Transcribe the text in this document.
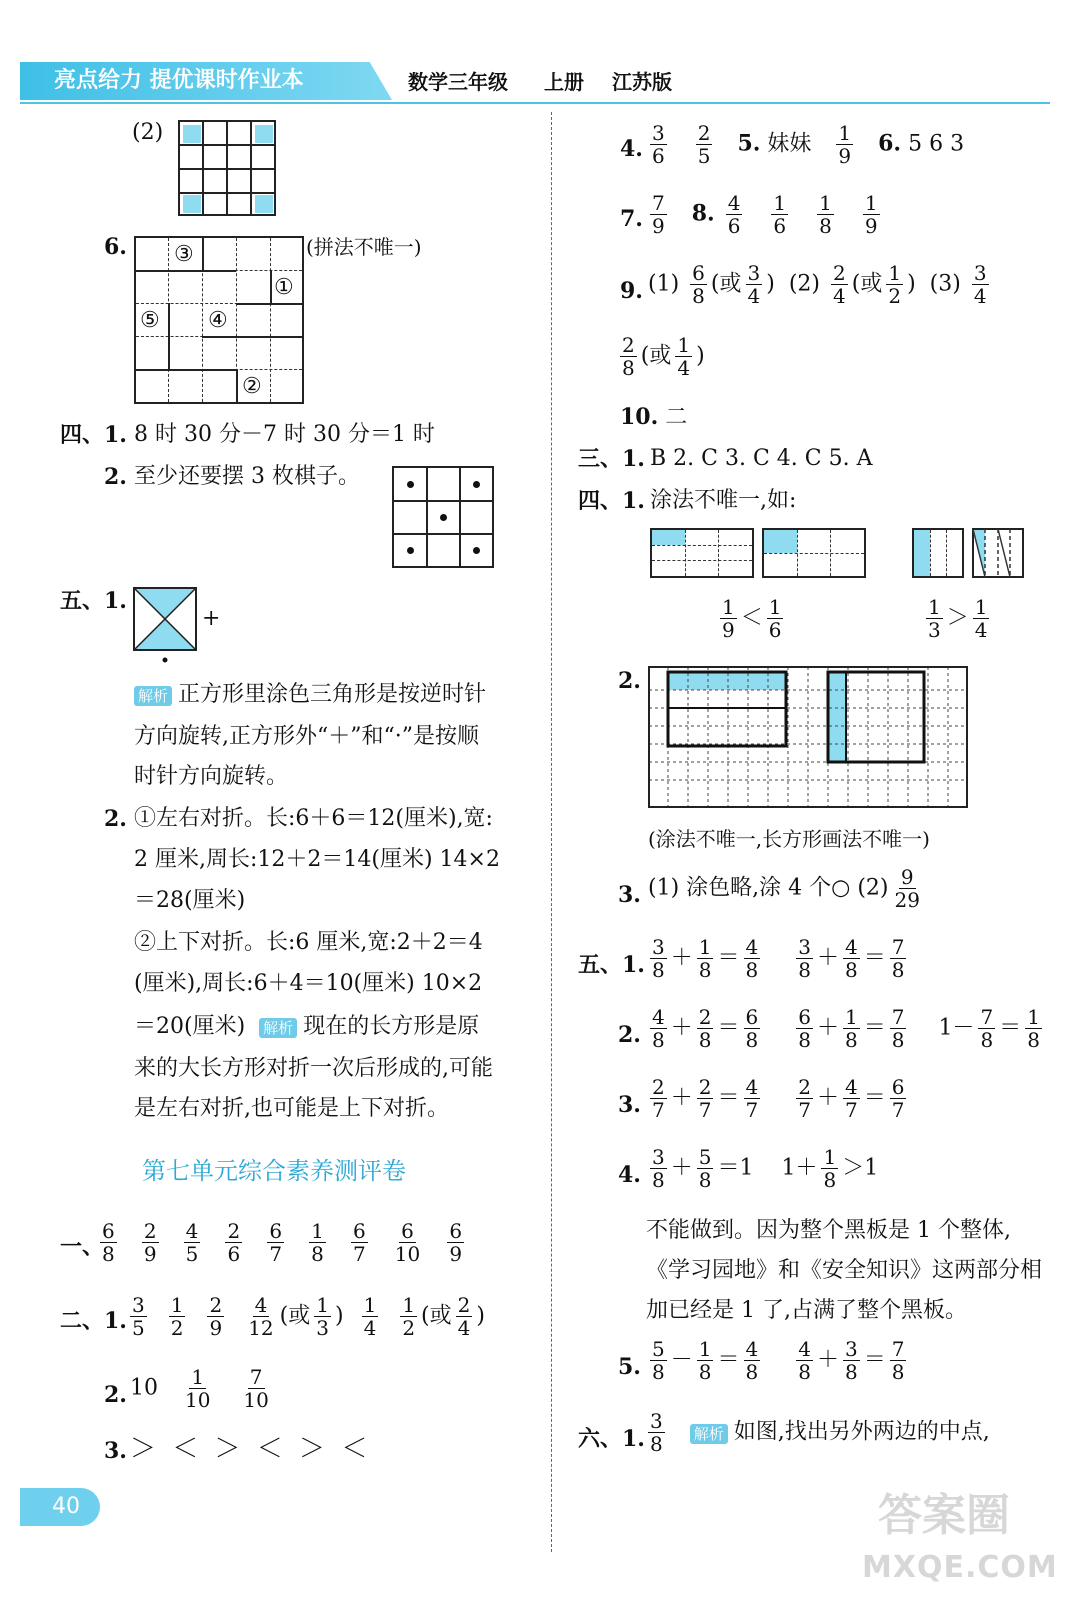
亮点给力 提优课时作业本	数学三年级 上册 江苏版
(2)
6. ③
①
⑤ ④
②
(拼法不唯一)
四、1. 8 时 30 分－7 时 30 分＝1 时
2. 至少还要摆 3 枚棋子。
五、1.
+
解析 正方形里涂色三角形是按逆时针
方向旋转,正方形外“＋”和“·”是按顺
时针方向旋转。
2. ①左右对折。长:6＋6＝12(厘米),宽:
2 厘米,周长:12＋2＝14(厘米) 14×2
＝28(厘米)
②上下对折。长:6 厘米,宽:2＋2＝4
(厘米),周长:6＋4＝10(厘米) 10×2
＝20(厘米) 解析 现在的长方形是原
来的大长方形对折一次后形成的,可能
是左右对折,也可能是上下对折。
第七单元综合素养测评卷
一、
$\frac{6}{8}$
$\frac{2}{9}$
$\frac{4}{5}$
$\frac{2}{6}$
$\frac{6}{7}$
$\frac{1}{8}$
$\frac{6}{7}$
$\frac{6}{10}$
$\frac{6}{9}$
二、1. $\frac{3}{5}$
$\frac{1}{2}$
$\frac{2}{9}$
$\frac{4}{12}$ (或 $\frac{1}{3}$ ) $\frac{1}{4}$
$\frac{1}{2}$ (或 $\frac{2}{4}$ )
2. $10 \frac{1}{10}$
$\frac{7}{10}$
3. ＞ ＜ ＞ ＜ ＞ ＜
40
4. $\frac{3}{6}$
$\frac{2}{5} 5$. 妹妹 $\frac{1}{9} 6$. 5 6 3
7. $\frac{7}{9} 8$. $\frac{4}{6}$
$\frac{1}{6}$
$\frac{1}{8}$
$\frac{1}{9}$
9. $(1) \frac{6}{8}$ (或 $\frac{3}{4}$ )  $(2) \frac{2}{4}$ (或 $\frac{1}{2}$ )  $(3) \frac{3}{4}$
$\frac{2}{8}$ (或 $\frac{1}{4}$ )
10. 二
三、1. B 2. C 3. C 4. C 5. A
四、1. 涂法不唯一,如:
$\frac{1}{9} < \frac{1}{6}$	$\frac{1}{3} > \frac{1}{4}$
2.
(涂法不唯一,长方形画法不唯一)
3. (1) 涂色略,涂 4 个○ $(2) \frac{9}{29}$
五、1. $\frac{3}{8} + \frac{1}{8} = \frac{4}{8}$
$\frac{3}{8} + \frac{4}{8} = \frac{7}{8}$
2. $\frac{4}{8} + \frac{2}{8} = \frac{6}{8}$
$\frac{6}{8} + \frac{1}{8} = \frac{7}{8} 1- \frac{7}{8} = \frac{1}{8}$
3. $\frac{2}{7} + \frac{2}{7} = \frac{4}{7}$
$\frac{2}{7} + \frac{4}{7} = \frac{6}{7}$
4. $\frac{3}{8} + \frac{5}{8} =1$ $1+ \frac{1}{8} >1$
不能做到。因为整个黑板是 1 个整体,
《学习园地》和《安全知识》这两部分相
加已经是 1 了,占满了整个黑板。
5. $\frac{5}{8} - \frac{1}{8} = \frac{4}{8}$
$\frac{4}{8} + \frac{3}{8} = \frac{7}{8}$
六、1. $\frac{3}{8}$ 解析 如图,找出另外两边的中点,
答案圈
MXQE.COM
